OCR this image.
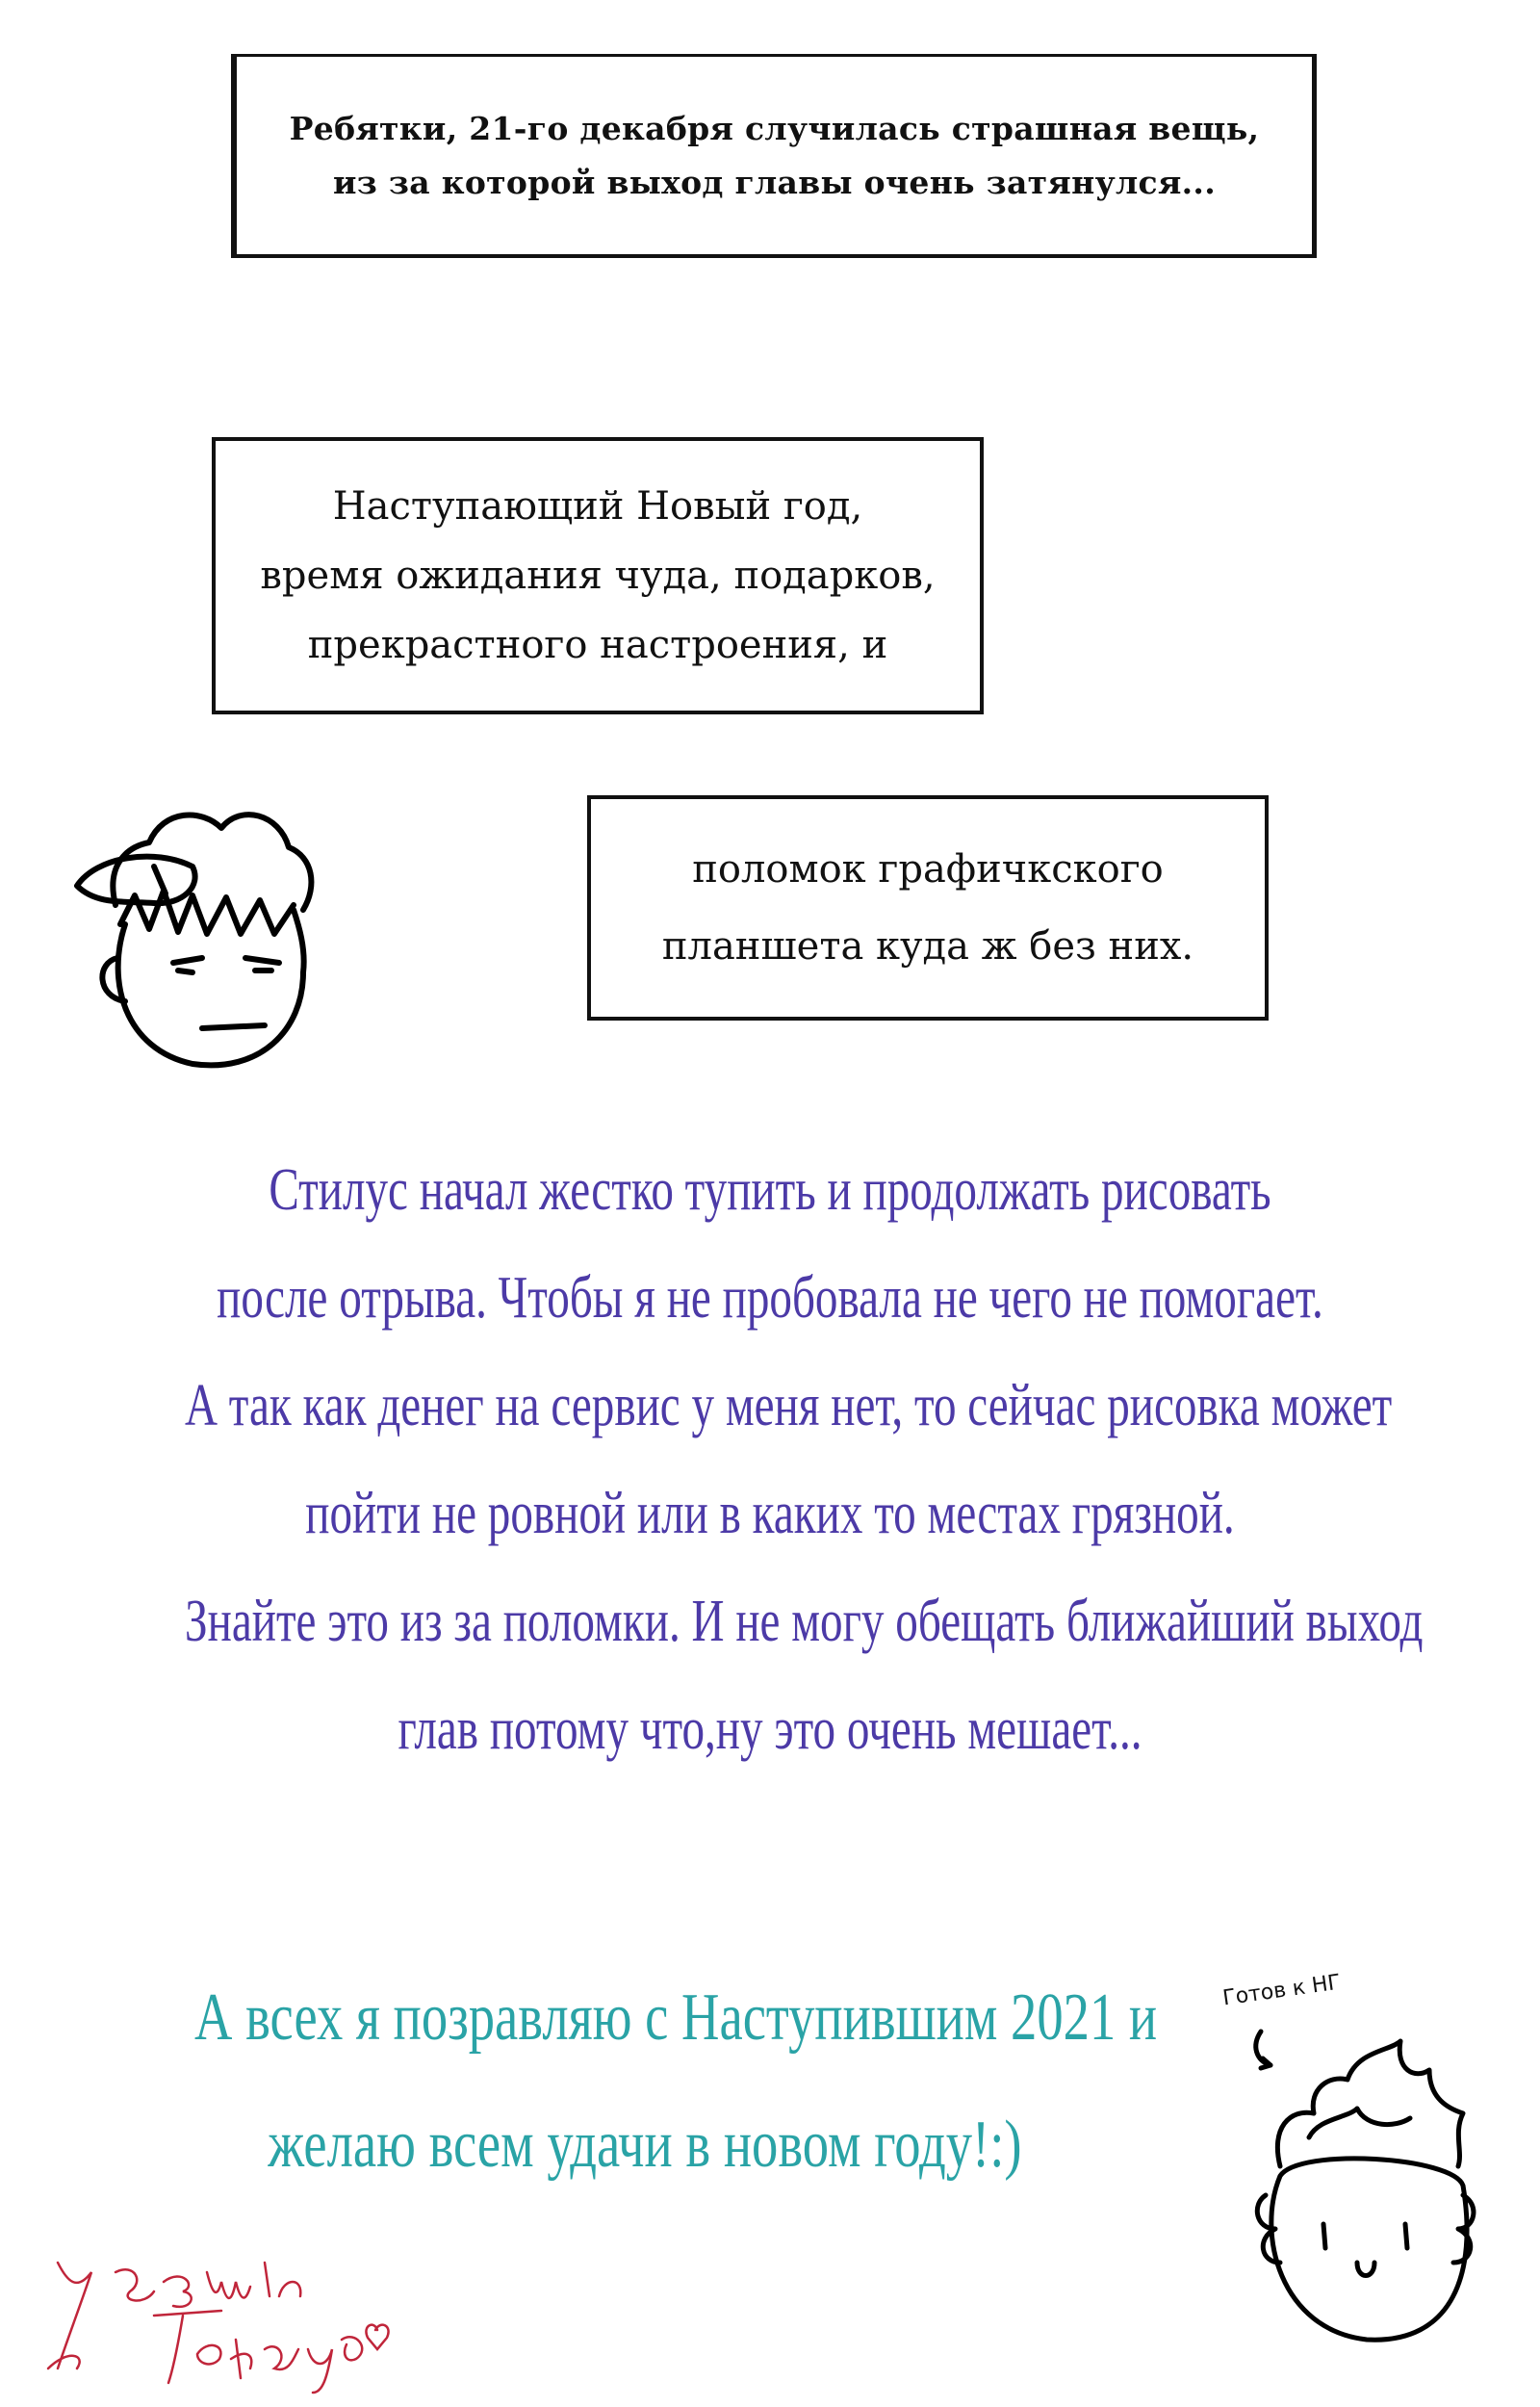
Ребятки, 21-го декабря случилась страшная вещь,
из за которой выход главы очень затянулся...
Наступающий Новый год,
время ожидания чуда, подарков,
прекрастного настроения, и
поломок графичкского
планшета куда ж без них.
Стилус начал жестко тупить и продолжать рисовать
после отрыва. Чтобы я не пробовала не чего не помогает.
А так как денег на сервис у меня нет, то сейчас рисовка может
пойти не ровной или в каких то местах грязной.
Знайте это из за поломки. И не могу обещать ближайший выход
глав потому что,ну это очень мешает...
А всех я позравляю с Наступившим 2021 и
желаю всем удачи в новом году!:)
Готов к НГ
